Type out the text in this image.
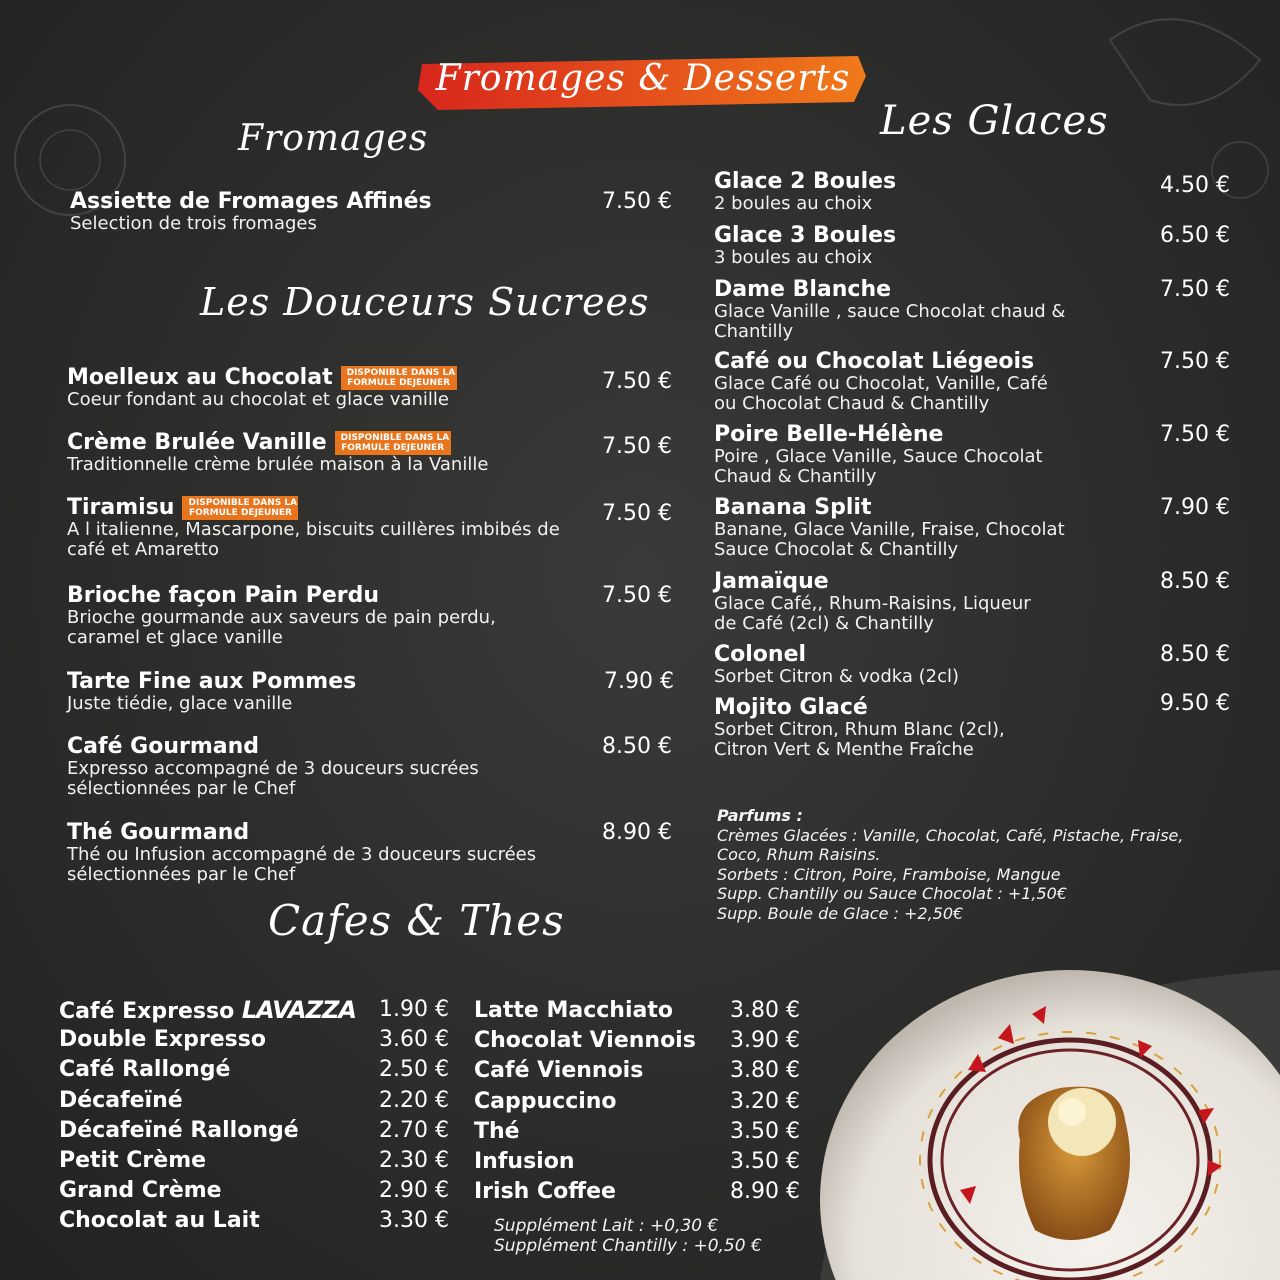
Fromages & Desserts
Fromages
Les Douceurs Sucrees
Les Glaces
Cafes & Thes
Assiette de Fromages Affinés
Selection de trois fromages
7.50 €
Moelleux au Chocolat DISPONIBLE DANS LA
FORMULE DEJEUNER
Coeur fondant au chocolat et glace vanille
7.50 €
Crème Brulée Vanille DISPONIBLE DANS LA
FORMULE DEJEUNER
Traditionnelle crème brulée maison à la Vanille
7.50 €
Tiramisu DISPONIBLE DANS LA
FORMULE DEJEUNER
A l italienne, Mascarpone, biscuits cuillères imbibés de café et Amaretto
7.50 €
Brioche façon Pain Perdu
Brioche gourmande aux saveurs de pain perdu, caramel et glace vanille
7.50 €
Tarte Fine aux Pommes
Juste tiédie, glace vanille
7.90 €
Café Gourmand
Expresso accompagné de 3 douceurs sucrées sélectionnées par le Chef
8.50 €
Thé Gourmand
Thé ou Infusion accompagné de 3 douceurs sucrées sélectionnées par le Chef
8.90 €
Glace 2 Boules
2 boules au choix
4.50 €
Glace 3 Boules
3 boules au choix
6.50 €
Dame Blanche
Glace Vanille , sauce Chocolat chaud & Chantilly
7.50 €
Café ou Chocolat Liégeois
Glace Café ou Chocolat, Vanille, Café ou Chocolat Chaud & Chantilly
7.50 €
Poire Belle-Hélène
Poire , Glace Vanille, Sauce Chocolat Chaud & Chantilly
7.50 €
Banana Split
Banane, Glace Vanille, Fraise, Chocolat Sauce Chocolat & Chantilly
7.90 €
Jamaïque
Glace Café,, Rhum-Raisins, Liqueur de Café (2cl) & Chantilly
8.50 €
Colonel
Sorbet Citron & vodka (2cl)
8.50 €
Mojito Glacé
Sorbet Citron, Rhum Blanc (2cl), Citron Vert & Menthe Fraîche
9.50 €
Parfums :
Crèmes Glacées : Vanille, Chocolat, Café, Pistache, Fraise,
Coco, Rhum Raisins.
Sorbets : Citron, Poire, Framboise, Mangue
Supp. Chantilly ou Sauce Chocolat : +1,50€
Supp. Boule de Glace : +2,50€
Café Expresso LAVAZZA 1.90 €
Double Expresso	3.60 €
Café Rallongé	2.50 €
Décafeïné	2.20 €
Décafeïné Rallongé	2.70 €
Petit Crème	2.30 €
Grand Crème	2.90 €
Chocolat au Lait	3.30 €
Latte Macchiato	3.80 €
Chocolat Viennois 3.90 €
Café Viennois	3.80 €
Cappuccino	3.20 €
Thé	3.50 €
Infusion	3.50 €
Irish Coffee	8.90 €
Supplément Lait : +0,30 €
Supplément Chantilly : +0,50 €
